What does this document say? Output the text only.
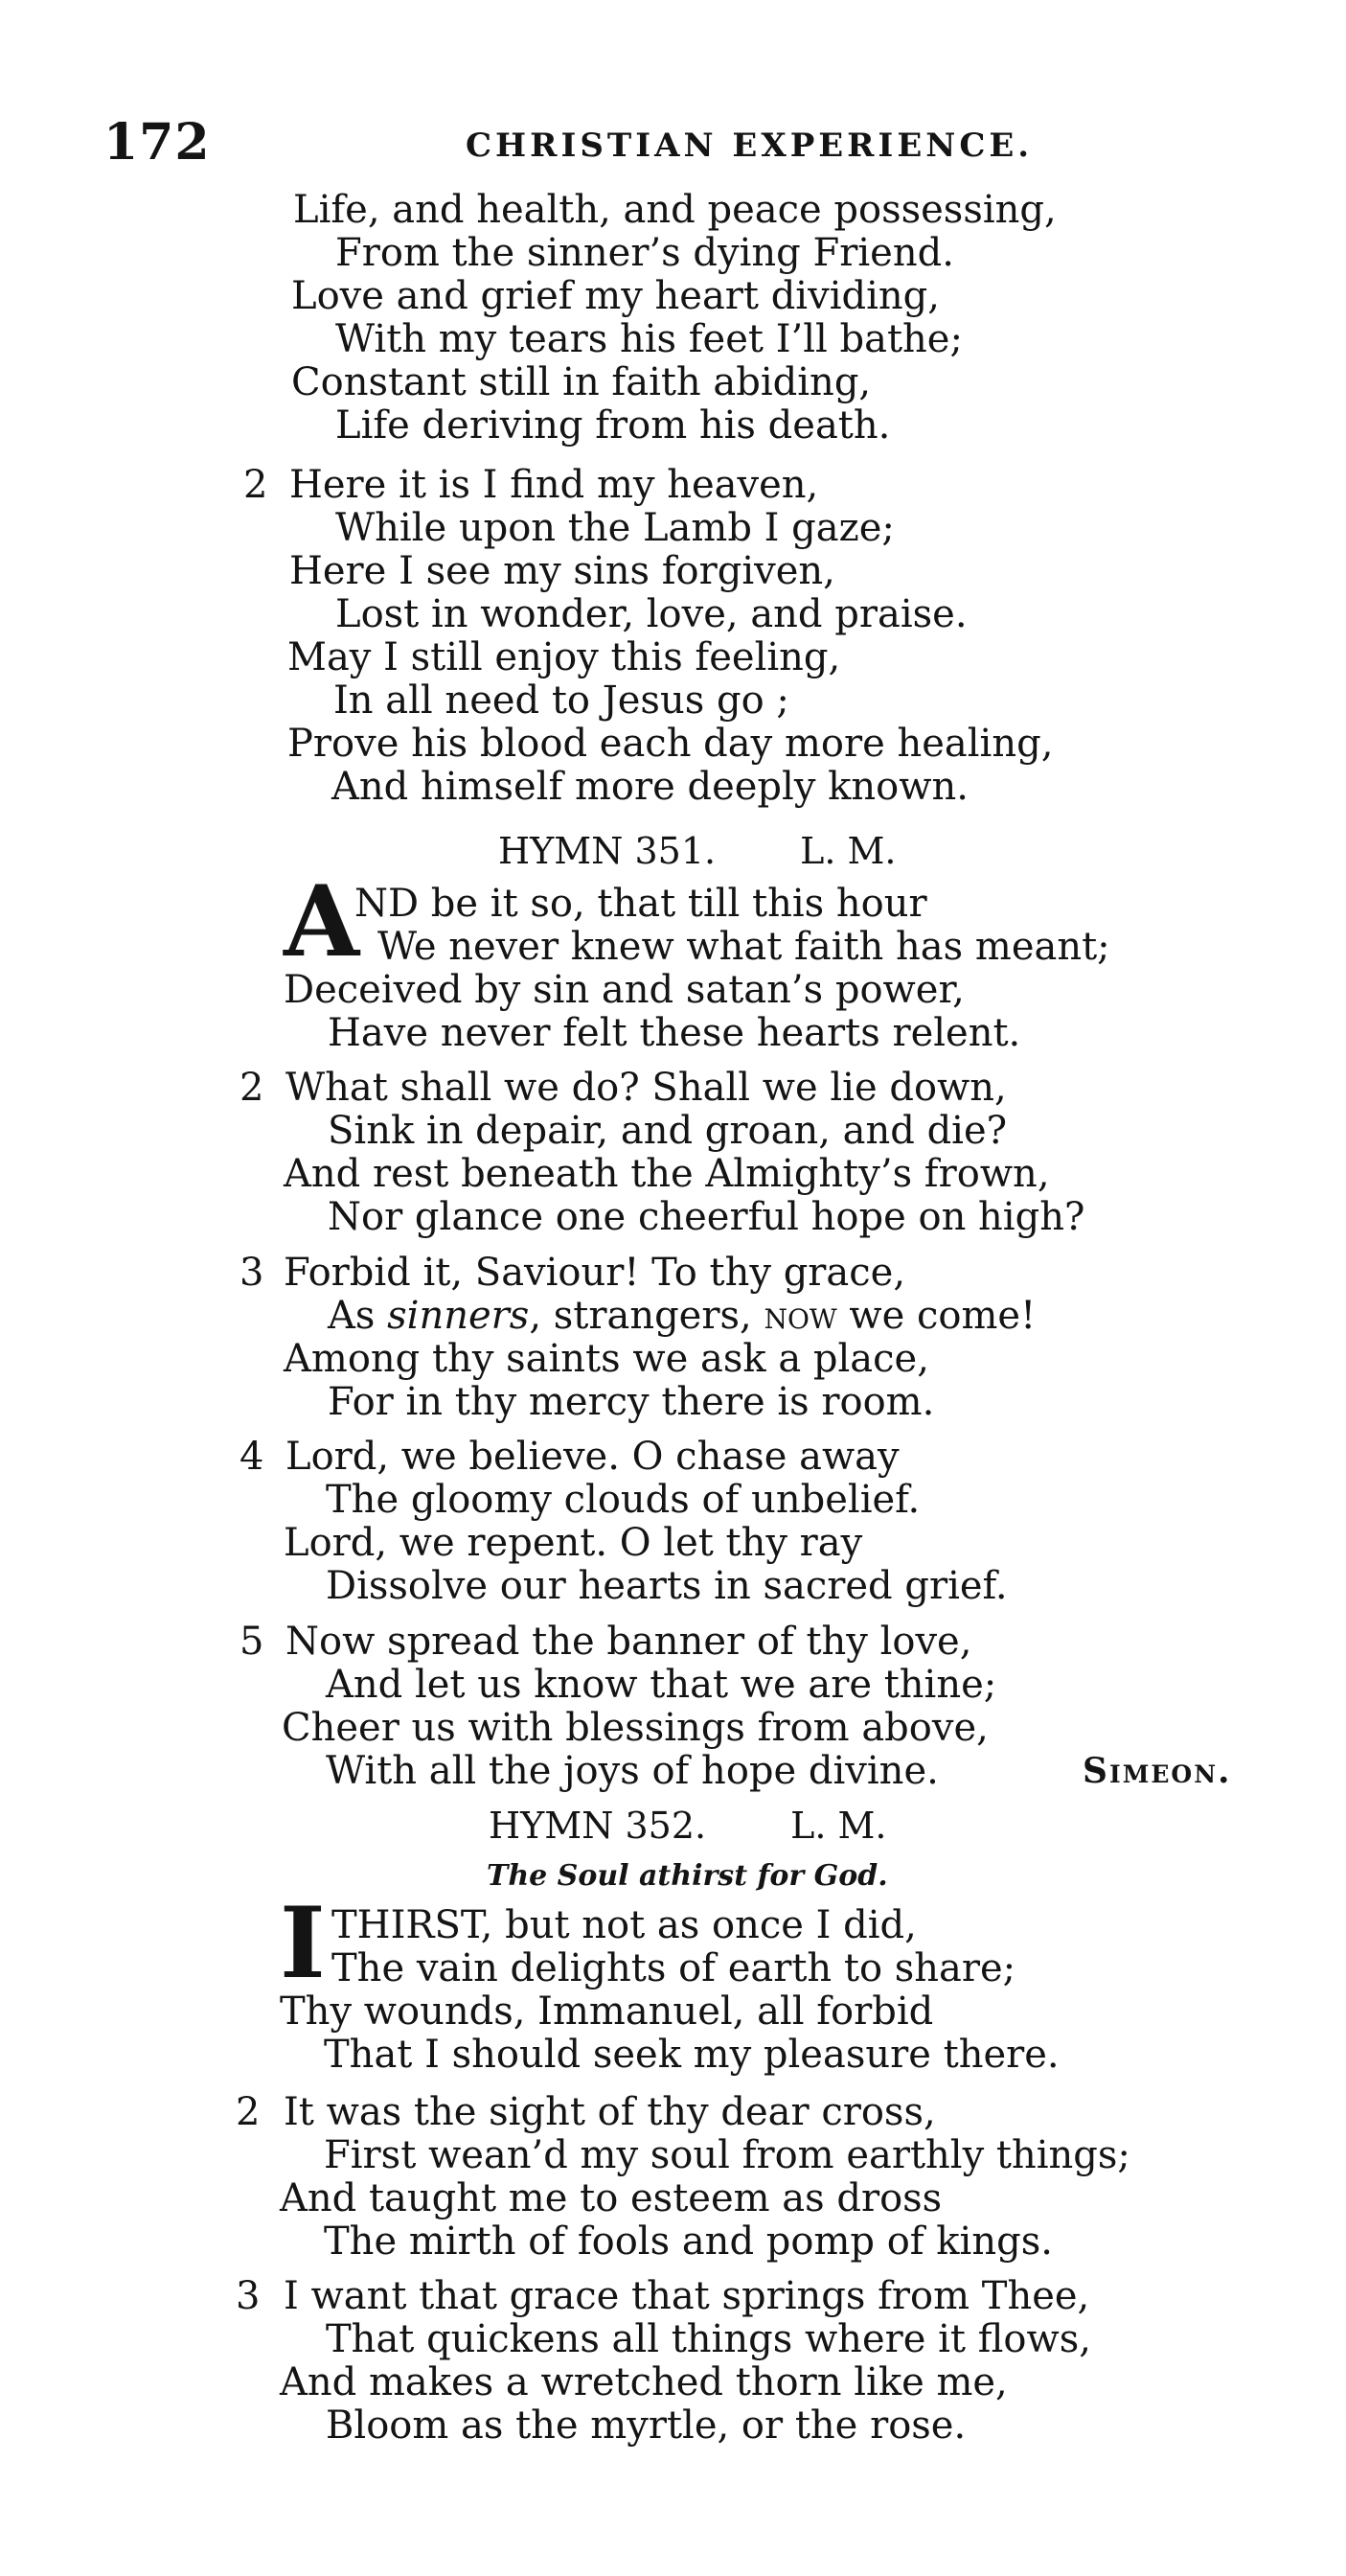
172	CHRISTIAN EXPERIENCE.
Life, and health, and peace possessing,
From the sinner’s dying Friend.
Love and grief my heart dividing,
With my tears his feet I’ll bathe;
Constant still in faith abiding,
Life deriving from his death.
2 Here it is I find my heaven,
While upon the Lamb I gaze;
Here I see my sins forgiven,
Lost in wonder, love, and praise.
May I still enjoy this feeling,
In all need to Jesus go ;
Prove his blood each day more healing,
And himself more deeply known.
HYMN 351. L. M.
A
ND be it so, that till this hour
We never knew what faith has meant;
Deceived by sin and satan’s power,
Have never felt these hearts relent.
2 What shall we do? Shall we lie down,
Sink in depair, and groan, and die?
And rest beneath the Almighty’s frown,
Nor glance one cheerful hope on high?
3 Forbid it, Saviour! To thy grace,
As sinners, strangers, now we come!
Among thy saints we ask a place,
For in thy mercy there is room.
4 Lord, we believe. O chase away
The gloomy clouds of unbelief.
Lord, we repent. O let thy ray
Dissolve our hearts in sacred grief.
5 Now spread the banner of thy love,
And let us know that we are thine;
Cheer us with blessings from above,
With all the joys of hope divine.	Simeon.
HYMN 352. L. M.
The Soul athirst for God.
I THIRST, but not as once I did,
The vain delights of earth to share;
Thy wounds, Immanuel, all forbid
That I should seek my pleasure there.
2 It was the sight of thy dear cross,
First wean’d my soul from earthly things;
And taught me to esteem as dross
The mirth of fools and pomp of kings.
3 I want that grace that springs from Thee,
That quickens all things where it flows,
And makes a wretched thorn like me,
Bloom as the myrtle, or the rose.
